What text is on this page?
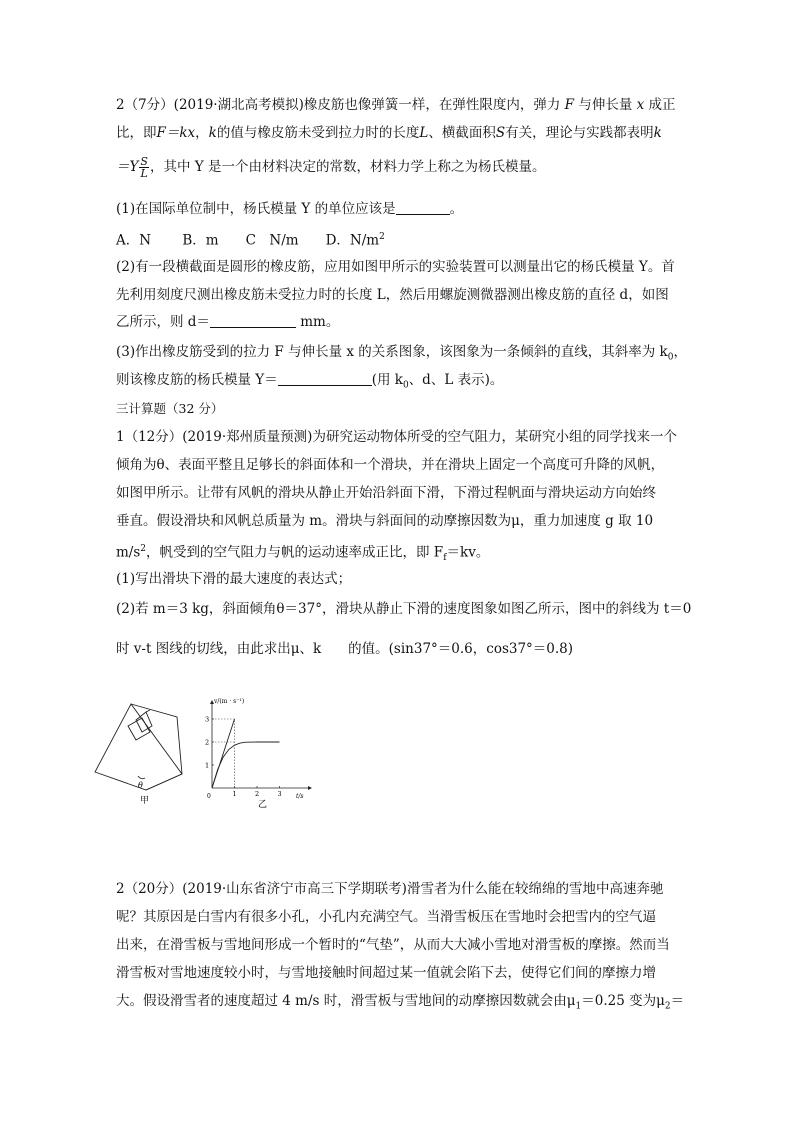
2（7分）(2019·湖北高考模拟)橡皮筋也像弹簧一样，在弹性限度内，弹力 F 与伸长量 x 成正
比，即F＝kx，k的值与橡皮筋未受到拉力时的长度L、横截面积S有关，理论与实践都表明k
$=Y \frac{S}{L}$ ，其中 Y 是一个由材料决定的常数，材料力学上称之为杨氏模量。
(1)在国际单位制中，杨氏模量 Y 的单位应该是	。
A．N　　 B．m　　C　N/m　　D．$N/m^2$
(2)有一段横截面是圆形的橡皮筋，应用如图甲所示的实验装置可以测量出它的杨氏模量 Y。首
先利用刻度尺测出橡皮筋未受拉力时的长度 L，然后用螺旋测微器测出橡皮筋的直径 d，如图
乙所示，则 d＝	mm。
(3)作出橡皮筋受到的拉力 F 与伸长量 x 的关系图象，该图象为一条倾斜的直线，其斜率为 $k_0$，
则该橡皮筋的杨氏模量 Y＝	(用 $k_0$、d、L 表示)。
三计算题（32 分）
1（12分）(2019·郑州质量预测)为研究运动物体所受的空气阻力，某研究小组的同学找来一个
倾角为θ、表面平整且足够长的斜面体和一个滑块，并在滑块上固定一个高度可升降的风帆，
如图甲所示。让带有风帆的滑块从静止开始沿斜面下滑，下滑过程帆面与滑块运动方向始终
垂直。假设滑块和风帆总质量为 m。滑块与斜面间的动摩擦因数为μ，重力加速度 g 取 10
$m/s^2$，帆受到的空气阻力与帆的运动速率成正比，即 $F_f=kv$。
(1)写出滑块下滑的最大速度的表达式；
(2)若 m＝3 kg，斜面倾角θ＝37°，滑块从静止下滑的速度图象如图乙所示，图中的斜线为 t＝0
时 v-t 图线的切线，由此求出μ、k　　的值。(sin37°＝0.6，cos37°＝0.8)
θ
甲
v/(m · s⁻¹)
t/s
0	1	2	3
1
2
3
乙
2（20分）(2019·山东省济宁市高三下学期联考)滑雪者为什么能在较绵绵的雪地中高速奔驰
呢？其原因是白雪内有很多小孔，小孔内充满空气。当滑雪板压在雪地时会把雪内的空气逼
出来，在滑雪板与雪地间形成一个暂时的“气垫”，从而大大减小雪地对滑雪板的摩擦。然而当
滑雪板对雪地速度较小时，与雪地接触时间超过某一值就会陷下去，使得它们间的摩擦力增
大。假设滑雪者的速度超过 4 m/s 时，滑雪板与雪地间的动摩擦因数就会由$\mu_1=0.25$ 变为$\mu_2=$
